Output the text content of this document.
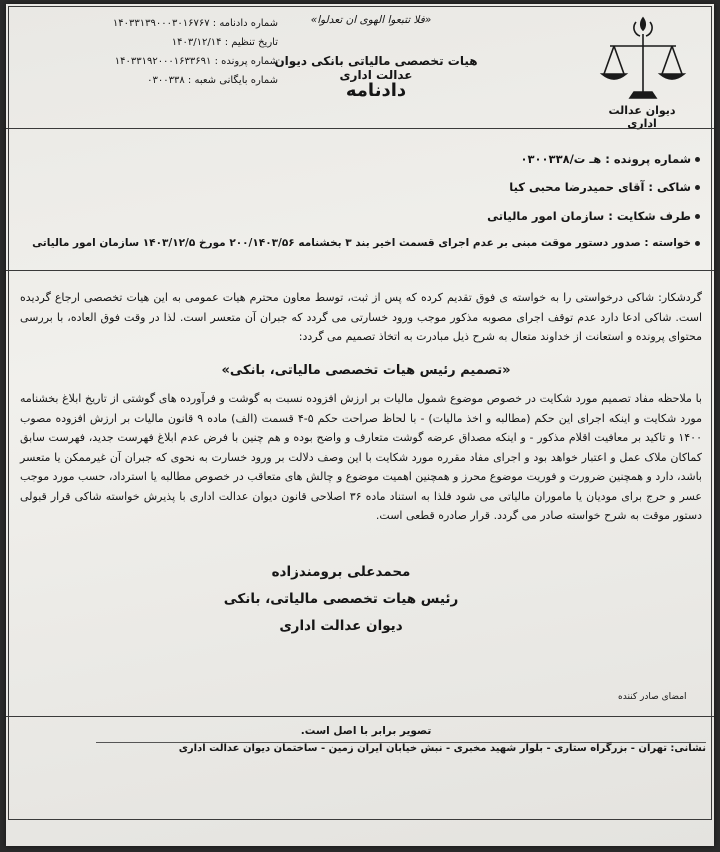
دیوان عدالت اداری
«فلا تتبعوا الهوی ان تعدلوا»
هیات تخصصی مالیاتی بانکی دیوان عدالت اداری
دادنامه
شماره دادنامه : ۱۴۰۳۳۱۳۹۰۰۰۳۰۱۶۷۶۷
تاریخ تنظیم : ۱۴۰۳/۱۲/۱۴
شماره پرونده : ۱۴۰۳۳۱۹۲۰۰۰۱۶۳۳۶۹۱
شماره بایگانی شعبه : ۰۳۰۰۳۳۸
شماره پرونده : هـ ت/۰۳۰۰۳۳۸
شاکی : آقای حمیدرضا محبی کیا
طرف شکایت : سازمان امور مالیاتی
خواسته : صدور دستور موقت مبنی بر عدم اجرای قسمت اخیر بند ۳ بخشنامه ۲۰۰/۱۴۰۳/۵۶ مورخ ۱۴۰۳/۱۲/۵ سازمان امور مالیاتی
گردشکار: شاکی درخواستی را به خواسته ی فوق تقدیم کرده که پس از ثبت، توسط معاون محترم هیات عمومی به این هیات تخصصی ارجاع گردیده است. شاکی ادعا دارد عدم توقف اجرای مصوبه مذکور موجب ورود خسارتی می گردد که جبران آن متعسر است. لذا در وقت فوق العاده، با بررسی محتوای پرونده و استعانت از خداوند متعال به شرح ذیل مبادرت به اتخاذ تصمیم می گردد:
«تصمیم رئیس هیات تخصصی مالیاتی، بانکی»
با ملاحظه مفاد تصمیم مورد شکایت در خصوص موضوع شمول مالیات بر ارزش افزوده نسبت به گوشت و فرآورده های گوشتی از تاریخ ابلاغ بخشنامه مورد شکایت و اینکه اجرای این حکم (مطالبه و اخذ مالیات) - با لحاظ صراحت حکم ۵-۴ قسمت (الف) ماده ۹ قانون مالیات بر ارزش افزوده مصوب ۱۴۰۰ و تاکید بر معافیت اقلام مذکور - و اینکه مصداق عرضه گوشت متعارف و واضح بوده و هم چنین با فرض عدم ابلاغ فهرست جدید، فهرست سابق کماکان ملاک عمل و اعتبار خواهد بود و اجرای مفاد مقرره مورد شکایت با این وصف دلالت بر ورود خسارت به نحوی که جبران آن غیرممکن یا متعسر باشد، دارد و همچنین ضرورت و فوریت موضوع محرز و همچنین اهمیت موضوع و چالش های متعاقب در خصوص مطالبه یا استرداد، حسب مورد موجب عسر و حرج برای مودیان یا ماموران مالیاتی می شود فلذا به استناد ماده ۳۶ اصلاحی قانون دیوان عدالت اداری با پذیرش خواسته شاکی قرار قبولی دستور موقت به شرح خواسته صادر می گردد. قرار صادره قطعی است.
محمدعلی برومندزاده
رئیس هیات تخصصی مالیاتی، بانکی
دیوان عدالت اداری
امضای صادر کننده
تصویر برابر با اصل است.
نشانی: تهران - بزرگراه ستاری - بلوار شهید مخبری - نبش خیابان ایران زمین - ساختمان دیوان عدالت اداری
